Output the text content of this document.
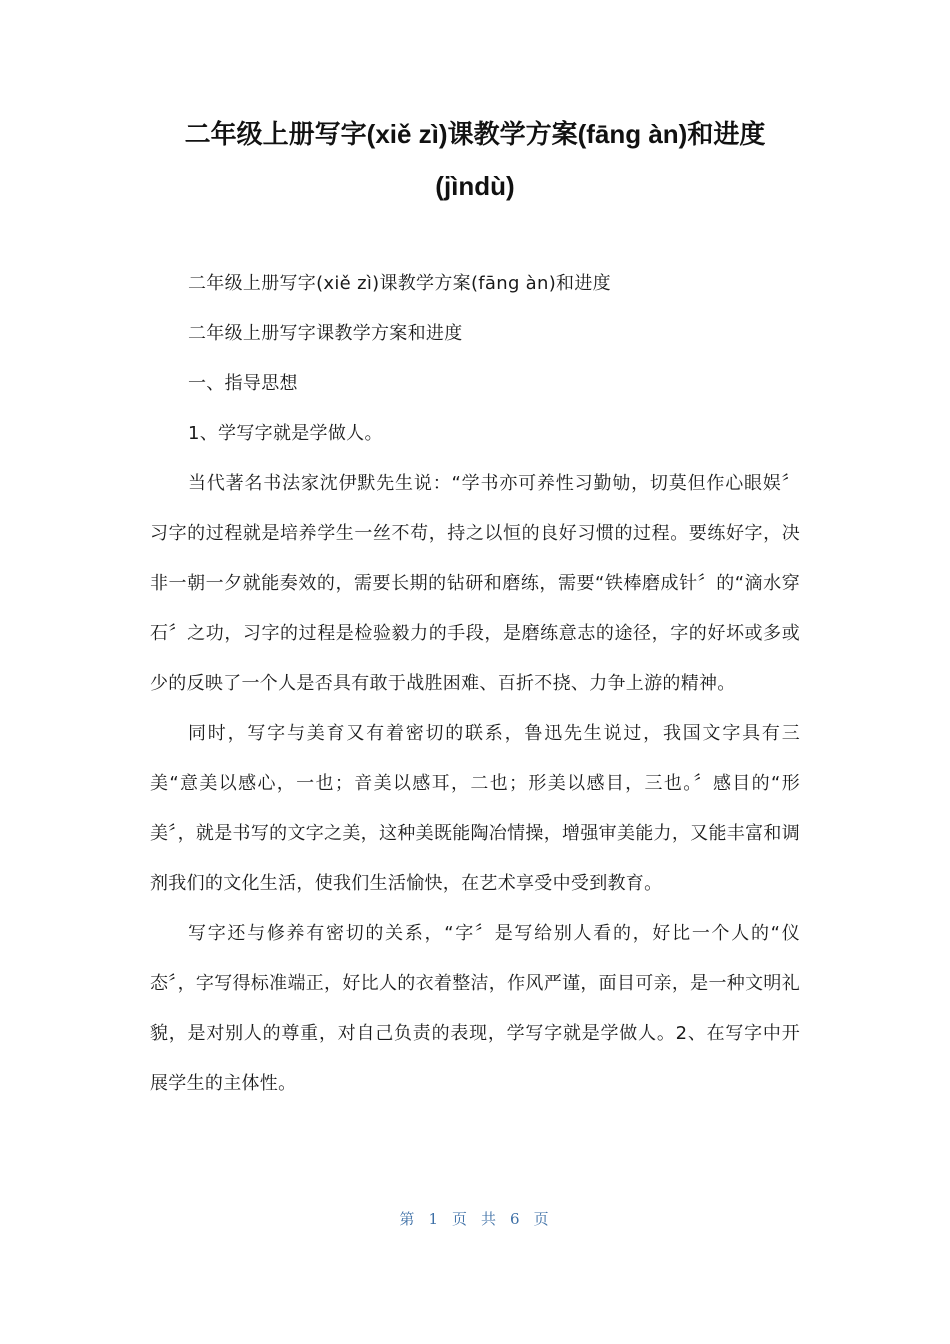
二年级上册写字(xiě zì)课教学方案(fāng àn)和进度(jìndù)

二年级上册写字(xiě zì)课教学方案(fāng àn)和进度

二年级上册写字课教学方案和进度

一、指导思想

1、学写字就是学做人。

当代著名书法家沈伊默先生说：“学书亦可养性习勤劬，切莫但作心眼娱〞习字的过程就是培养学生一丝不苟，持之以恒的良好习惯的过程。要练好字，决非一朝一夕就能奏效的，需要长期的钻研和磨练，需要“铁棒磨成针〞的“滴水穿石〞之功，习字的过程是检验毅力的手段，是磨练意志的途径，字的好坏或多或少的反映了一个人是否具有敢于战胜困难、百折不挠、力争上游的精神。

同时，写字与美育又有着密切的联系，鲁迅先生说过，我国文字具有三美“意美以感心，一也；音美以感耳，二也；形美以感目，三也。〞感目的“形美〞，就是书写的文字之美，这种美既能陶冶情操，增强审美能力，又能丰富和调剂我们的文化生活，使我们生活愉快，在艺术享受中受到教育。

写字还与修养有密切的关系，“字〞是写给别人看的，好比一个人的“仪态〞，字写得标准端正，好比人的衣着整洁，作风严谨，面目可亲，是一种文明礼貌，是对别人的尊重，对自己负责的表现，学写字就是学做人。2、在写字中开展学生的主体性。

第 1 页 共 6 页
